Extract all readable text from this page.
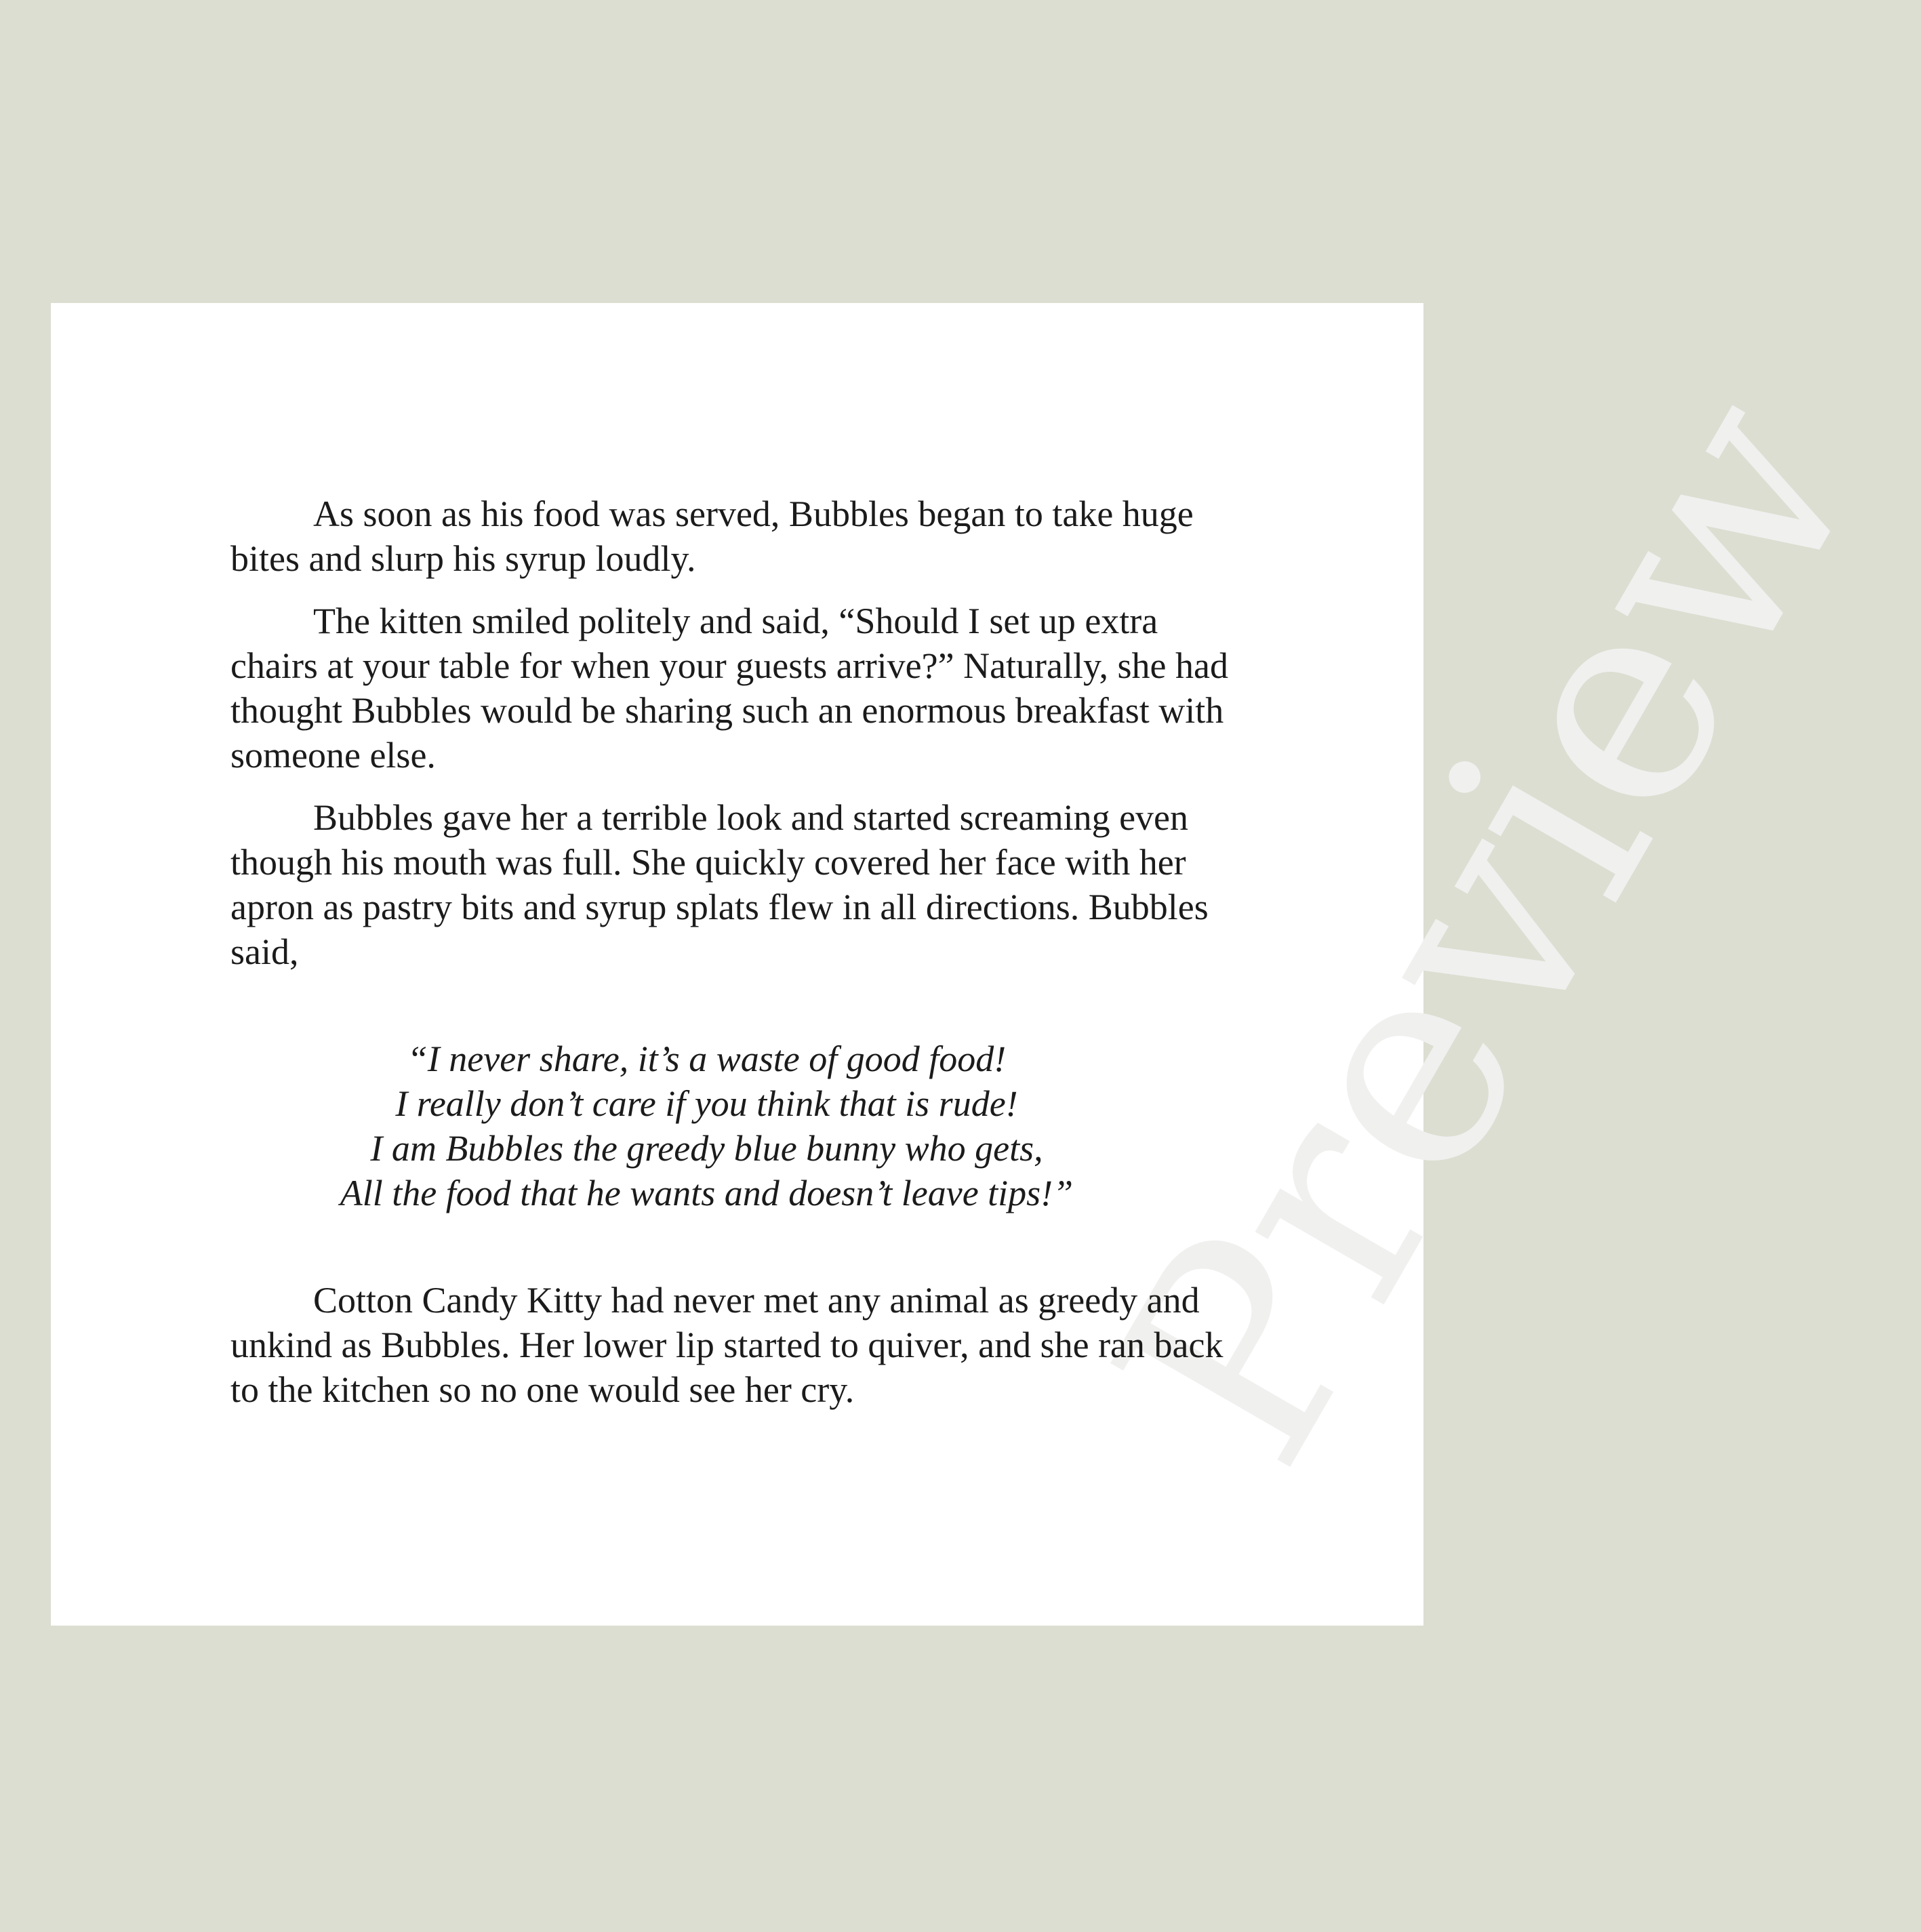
Preview

As soon as his food was served, Bubbles began to take huge bites and slurp his syrup loudly.

The kitten smiled politely and said, “Should I set up extra chairs at your table for when your guests arrive?” Naturally, she had thought Bubbles would be sharing such an enormous breakfast with someone else.

Bubbles gave her a terrible look and started screaming even though his mouth was full. She quickly covered her face with her apron as pastry bits and syrup splats flew in all directions. Bubbles said,

“I never share, it’s a waste of good food!
I really don’t care if you think that is rude!
I am Bubbles the greedy blue bunny who gets,
All the food that he wants and doesn’t leave tips!”

Cotton Candy Kitty had never met any animal as greedy and unkind as Bubbles. Her lower lip started to quiver, and she ran back to the kitchen so no one would see her cry.
